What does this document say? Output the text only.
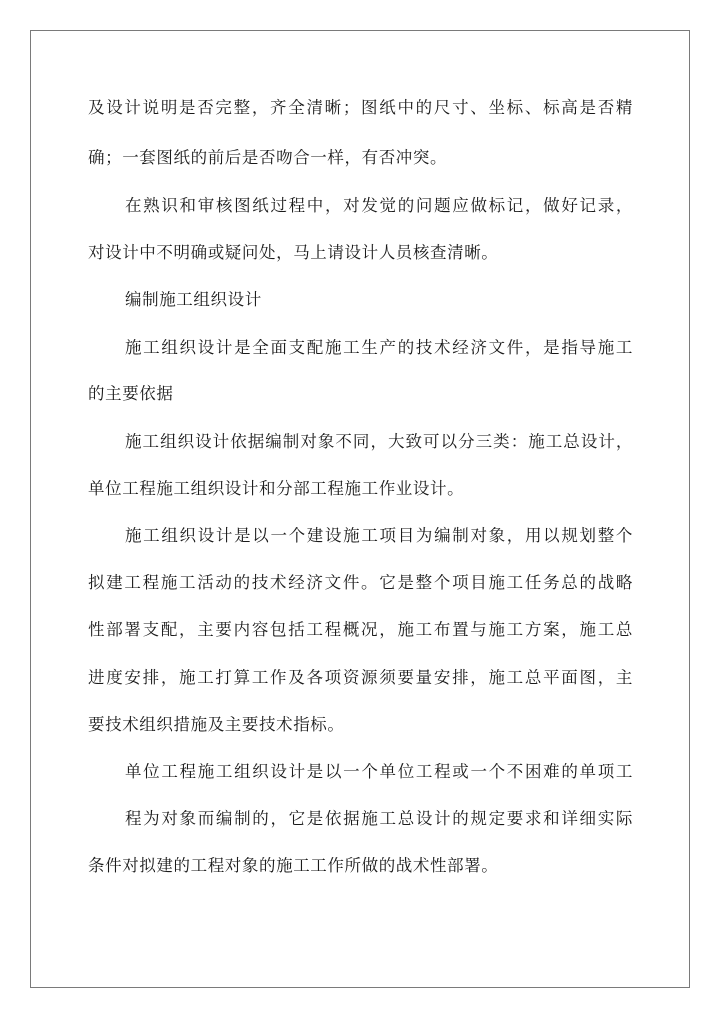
及设计说明是否完整，齐全清晰；图纸中的尺寸、坐标、标高是否精
确；一套图纸的前后是否吻合一样，有否冲突。
在熟识和审核图纸过程中，对发觉的问题应做标记，做好记录，
对设计中不明确或疑问处，马上请设计人员核查清晰。
编制施工组织设计
施工组织设计是全面支配施工生产的技术经济文件，是指导施工
的主要依据
施工组织设计依据编制对象不同，大致可以分三类：施工总设计，
单位工程施工组织设计和分部工程施工作业设计。
施工组织设计是以一个建设施工项目为编制对象，用以规划整个
拟建工程施工活动的技术经济文件。它是整个项目施工任务总的战略
性部署支配，主要内容包括工程概况，施工布置与施工方案，施工总
进度安排，施工打算工作及各项资源须要量安排，施工总平面图，主
要技术组织措施及主要技术指标。
单位工程施工组织设计是以一个单位工程或一个不困难的单项工
程为对象而编制的，它是依据施工总设计的规定要求和详细实际
条件对拟建的工程对象的施工工作所做的战术性部署。
